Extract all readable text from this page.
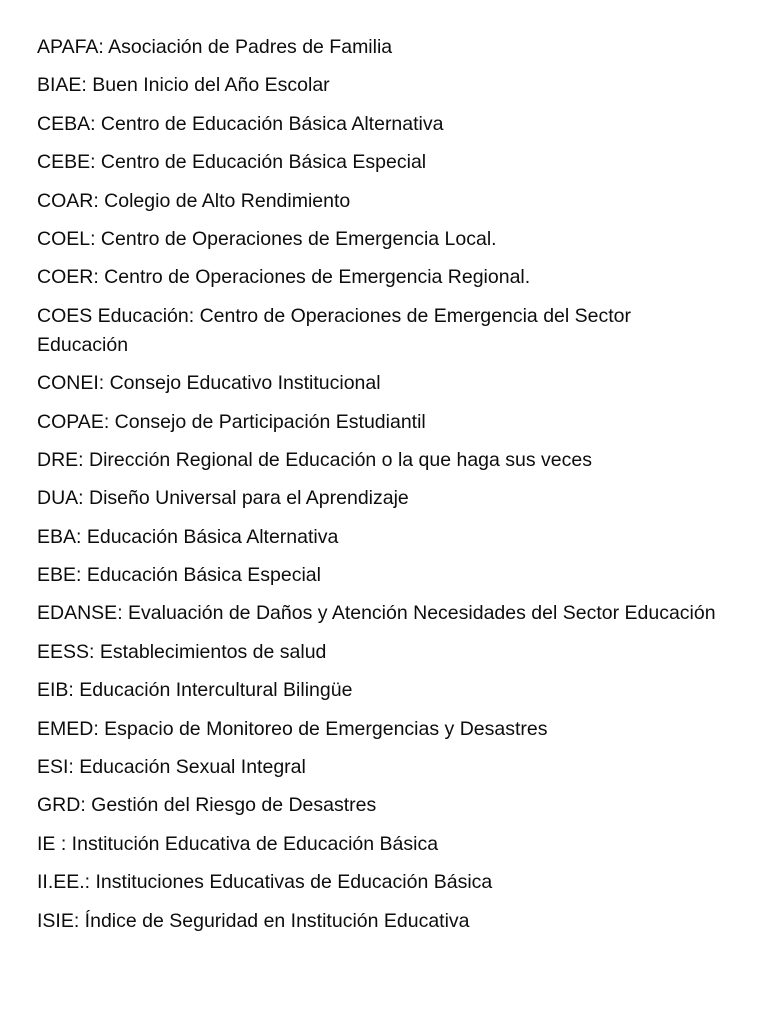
APAFA: Asociación de Padres de Familia
BIAE: Buen Inicio del Año Escolar
CEBA: Centro de Educación Básica Alternativa
CEBE: Centro de Educación Básica Especial
COAR: Colegio de Alto Rendimiento
COEL: Centro de Operaciones de Emergencia Local.
COER: Centro de Operaciones de Emergencia Regional.
COES Educación: Centro de Operaciones de Emergencia del Sector Educación
CONEI: Consejo Educativo Institucional
COPAE: Consejo de Participación Estudiantil
DRE: Dirección Regional de Educación o la que haga sus veces
DUA: Diseño Universal para el Aprendizaje
EBA: Educación Básica Alternativa
EBE: Educación Básica Especial
EDANSE: Evaluación de Daños y Atención Necesidades del Sector Educación
EESS: Establecimientos de salud
EIB: Educación Intercultural Bilingüe
EMED: Espacio de Monitoreo de Emergencias y Desastres
ESI: Educación Sexual Integral
GRD: Gestión del Riesgo de Desastres
IE : Institución Educativa de Educación Básica
II.EE.: Instituciones Educativas de Educación Básica
ISIE: Índice de Seguridad en Institución Educativa
